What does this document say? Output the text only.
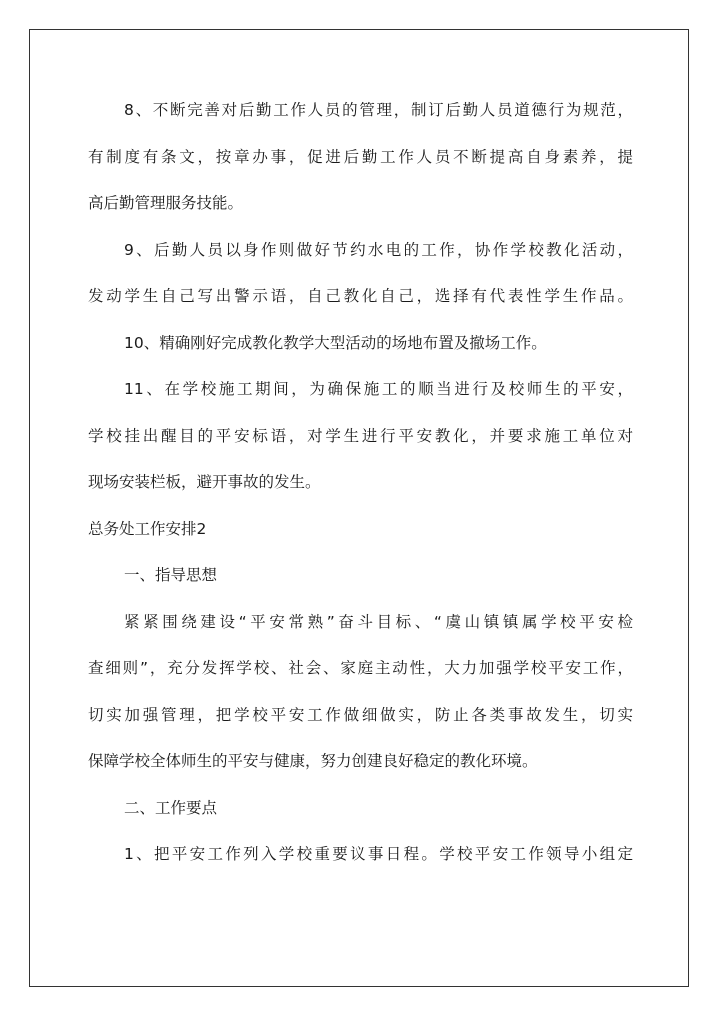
8、不断完善对后勤工作人员的管理，制订后勤人员道德行为规范，
有制度有条文，按章办事，促进后勤工作人员不断提高自身素养，提
高后勤管理服务技能。
9、后勤人员以身作则做好节约水电的工作，协作学校教化活动，
发动学生自己写出警示语，自己教化自己，选择有代表性学生作品。
10、精确刚好完成教化教学大型活动的场地布置及撤场工作。
11、在学校施工期间，为确保施工的顺当进行及校师生的平安，
学校挂出醒目的平安标语，对学生进行平安教化，并要求施工单位对
现场安装栏板，避开事故的发生。
总务处工作安排2
一、指导思想
紧紧围绕建设“平安常熟”奋斗目标、“虞山镇镇属学校平安检
查细则”，充分发挥学校、社会、家庭主动性，大力加强学校平安工作，
切实加强管理，把学校平安工作做细做实，防止各类事故发生，切实
保障学校全体师生的平安与健康，努力创建良好稳定的教化环境。
二、工作要点
1、把平安工作列入学校重要议事日程。学校平安工作领导小组定
